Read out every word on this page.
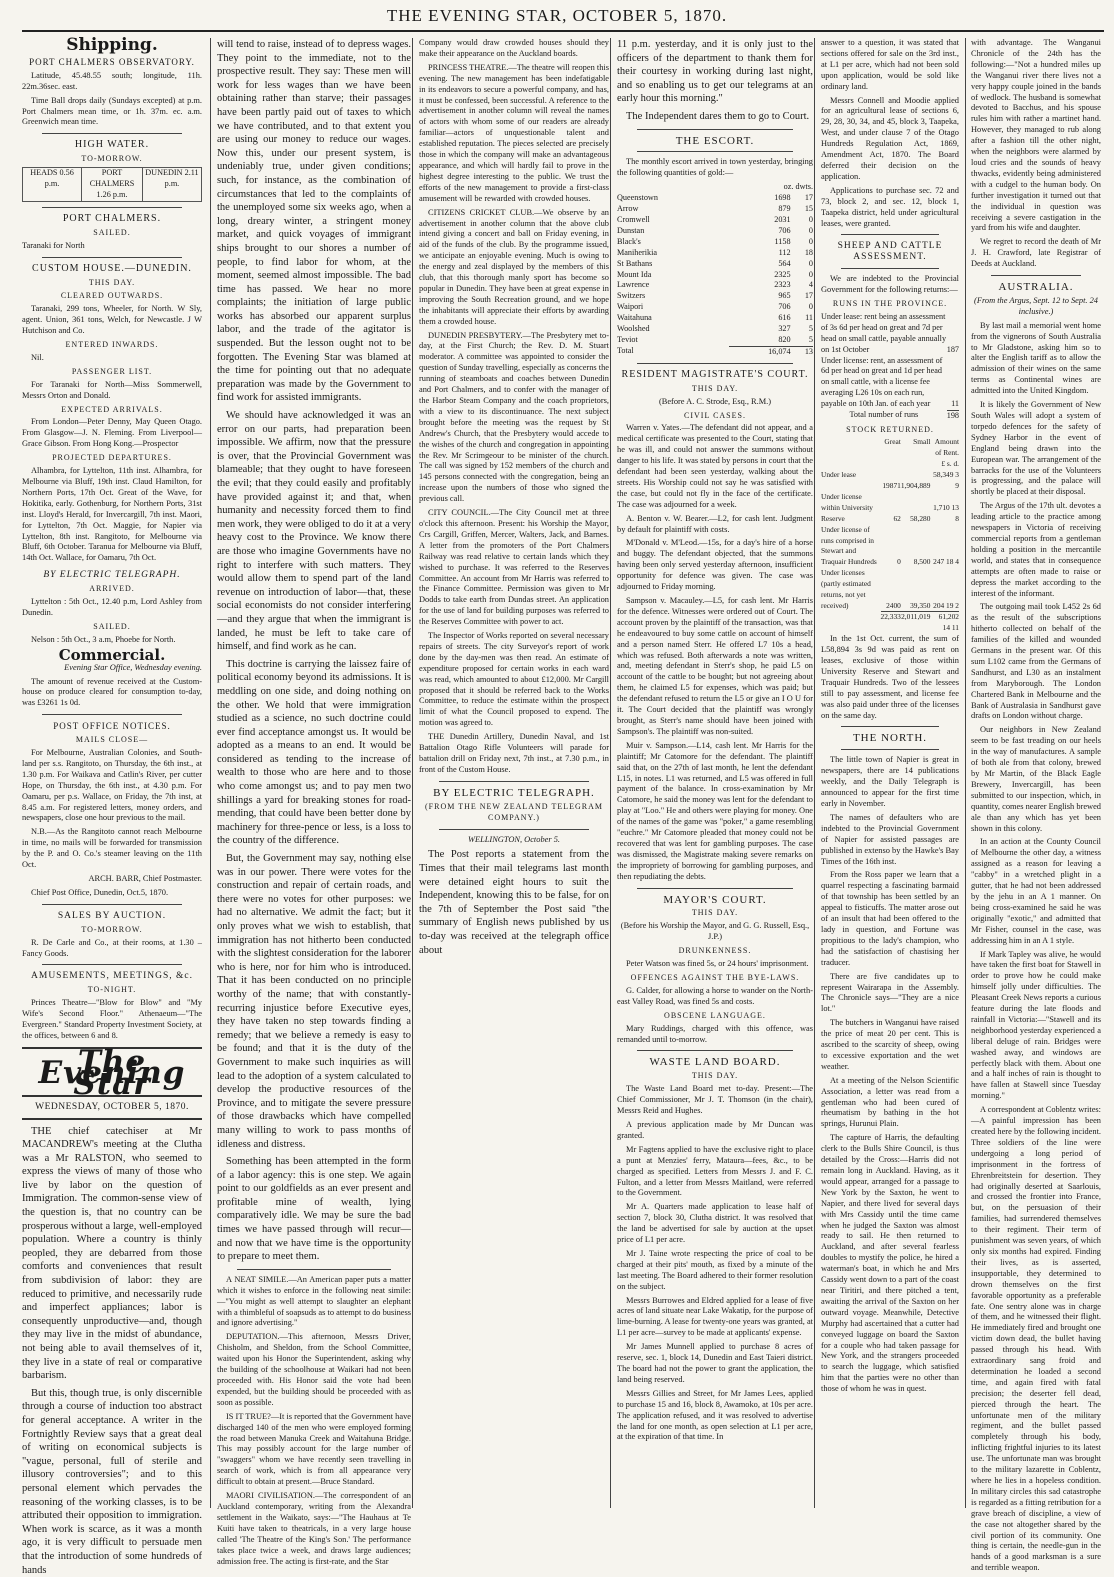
THE EVENING STAR, OCTOBER 5, 1870.
Shipping.
PORT CHALMERS OBSERVATORY.

Latitude, 45.48.55 south; longitude, 11h. 22m.36sec. east.

Time Ball drops daily (Sundays excepted) at p.m. Port Chalmers mean time, or 1h. 37m. ec. a.m. Greenwich mean time.

HIGH WATER.
TO-MORROW.
HEADS 0.56 p.m.	PORT CHALMERS 1.26 p.m.	DUNEDIN 2.11 p.m.
PORT CHALMERS.
SAILED.

Taranaki for North

CUSTOM HOUSE.—DUNEDIN.
THIS DAY.
CLEARED OUTWARDS.

Taranaki, 299 tons, Wheeler, for North. W Sly, agent. Union, 361 tons, Welch, for Newcastle. J W Hutchison and Co.

ENTERED INWARDS.

Nil.

PASSENGER LIST.

For Taranaki for North—Miss Sommerwell, Messrs Orton and Donald.

EXPECTED ARRIVALS.

From London—Peter Denny, May Queen Otago. From Glasgow—J. N. Fleming. From Liverpool—Grace Gibson. From Hong Kong.—Prospector

PROJECTED DEPARTURES.

Alhambra, for Lyttelton, 11th inst. Alhambra, for Melbourne via Bluff, 19th inst. Claud Hamilton, for Northern Ports, 17th Oct. Great of the Wave, for Hokitika, early. Gothenburg, for Northern Ports, 31st inst. Lloyd's Herald, for Invercargill, 7th inst. Maori, for Lyttelton, 7th Oct. Maggie, for Napier via Lyttelton, 8th inst. Rangitoto, for Melbourne via Bluff, 6th October. Taranua for Melbourne via Bluff, 14th Oct. Wallace, for Oamaru, 7th Oct.

BY ELECTRIC TELEGRAPH.
ARRIVED.

Lyttelton : 5th Oct., 12.40 p.m, Lord Ashley from Dunedin.

SAILED.

Nelson : 5th Oct., 3 a.m, Phoebe for North.

Commercial.

Evening Star Office, Wednesday evening.

The amount of revenue received at the Custom-house on produce cleared for consumption to-day, was £3261 1s 0d.

POST OFFICE NOTICES.
MAILS CLOSE—

For Melbourne, Australian Colonies, and South-land per s.s. Rangitoto, on Thursday, the 6th inst., at 1.30 p.m. For Waikava and Catlin's River, per cutter Hope, on Thursday, the 6th inst., at 4.30 p.m. For Oamaru, per p.s. Wallace, on Friday, the 7th inst, at 8.45 a.m. For registered letters, money orders, and newspapers, close one hour previous to the mail.

N.B.—As the Rangitoto cannot reach Melbourne in time, no mails will be forwarded for transmission by the P. and O. Co.'s steamer leaving on the 11th Oct.

ARCH. BARR, Chief Postmaster.

Chief Post Office, Dunedin, Oct.5, 1870.

SALES BY AUCTION.
TO-MORROW.

R. De Carle and Co., at their rooms, at 1.30 – Fancy Goods.

AMUSEMENTS, MEETINGS, &c.
TO-NIGHT.

Princes Theatre—"Blow for Blow" and "My Wife's Second Floor." Athenaeum—"The Evergreen." Standard Property Investment Society, at the offices, between 6 and 8.

The Evening Star
WEDNESDAY, OCTOBER 5, 1870.

THE chief catechiser at Mr MACANDREW's meeting at the Clutha was a Mr RALSTON, who seemed to express the views of many of those who live by labor on the question of Immigration. The common-sense view of the question is, that no country can be prosperous without a large, well-employed population. Where a country is thinly peopled, they are debarred from those comforts and conveniences that result from subdivision of labor: they are reduced to primitive, and necessarily rude and imperfect appliances; labor is consequently unproductive—and, though they may live in the midst of abundance, not being able to avail themselves of it, they live in a state of real or comparative barbarism.

But this, though true, is only discernible through a course of induction too abstract for general acceptance. A writer in the Fortnightly Review says that a great deal of writing on economical subjects is "vague, personal, full of sterile and illusory controversies"; and to this personal element which pervades the reasoning of the working classes, is to be attributed their opposition to immigration. When work is scarce, as it was a month ago, it is very difficult to persuade men that the introduction of some hundreds of hands

will tend to raise, instead of to depress wages. They point to the immediate, not to the prospective result. They say: These men will work for less wages than we have been obtaining rather than starve; their passages have been partly paid out of taxes to which we have contributed, and to that extent you are using our money to reduce our wages. Now this, under our present system, is undeniably true, under given conditions; such, for instance, as the combination of circumstances that led to the complaints of the unemployed some six weeks ago, when a long, dreary winter, a stringent money market, and quick voyages of immigrant ships brought to our shores a number of people, to find labor for whom, at the moment, seemed almost impossible. The bad time has passed. We hear no more complaints; the initiation of large public works has absorbed our apparent surplus labor, and the trade of the agitator is suspended. But the lesson ought not to be forgotten. The Evening Star was blamed at the time for pointing out that no adequate preparation was made by the Government to find work for assisted immigrants.

We should have acknowledged it was an error on our parts, had preparation been impossible. We affirm, now that the pressure is over, that the Provincial Government was blameable; that they ought to have foreseen the evil; that they could easily and profitably have provided against it; and that, when humanity and necessity forced them to find men work, they were obliged to do it at a very heavy cost to the Province. We know there are those who imagine Governments have no right to interfere with such matters. They would allow them to spend part of the land revenue on introduction of labor—that, these social economists do not consider interfering—and they argue that when the immigrant is landed, he must be left to take care of himself, and find work as he can.

This doctrine is carrying the laissez faire of political economy beyond its admissions. It is meddling on one side, and doing nothing on the other. We hold that were immigration studied as a science, no such doctrine could ever find acceptance amongst us. It would be adopted as a means to an end. It would be considered as tending to the increase of wealth to those who are here and to those who come amongst us; and to pay men two shillings a yard for breaking stones for road-mending, that could have been better done by machinery for three-pence or less, is a loss to the country of the difference.

But, the Government may say, nothing else was in our power. There were votes for the construction and repair of certain roads, and there were no votes for other purposes: we had no alternative. We admit the fact; but it only proves what we wish to establish, that immigration has not hitherto been conducted with the slightest consideration for the laborer who is here, nor for him who is introduced. That it has been conducted on no principle worthy of the name; that with constantly-recurring injustice before Executive eyes, they have taken no step towards finding a remedy; that we believe a remedy is easy to be found; and that it is the duty of the Government to make such inquiries as will lead to the adoption of a system calculated to develop the productive resources of the Province, and to mitigate the severe pressure of those drawbacks which have compelled many willing to work to pass months of idleness and distress.

Something has been attempted in the form of a labor agency: this is one step. We again point to our goldfields as an ever present and profitable mine of wealth, lying comparatively idle. We may be sure the bad times we have passed through will recur—and now that we have time is the opportunity to prepare to meet them.

A NEAT SIMILE.—An American paper puts a matter which it wishes to enforce in the following neat simile:—"You might as well attempt to slaughter an elephant with a thimbleful of soapsuds as to attempt to do business and ignore advertising."

DEPUTATION.—This afternoon, Messrs Driver, Chisholm, and Sheldon, from the School Committee, waited upon his Honor the Superintendent, asking why the building of the schoolhouse at Waikari had not been proceeded with. His Honor said the vote had been expended, but the building should be proceeded with as soon as possible.

IS IT TRUE?—It is reported that the Government have discharged 140 of the men who were employed forming the road between Manuka Creek and Waitahuna Bridge. This may possibly account for the large number of "swaggers" whom we have recently seen travelling in search of work, which is from all appearance very difficult to obtain at present.—Bruce Standard.

MAORI CIVILISATION.—The correspondent of an Auckland contemporary, writing from the Alexandra settlement in the Waikato, says:—"The Hauhaus at Te Kuiti have taken to theatricals, in a very large house called 'The Theatre of the King's Son.' The performance takes place twice a week, and draws large audiences; admission free. The acting is first-rate, and the Star

Company would draw crowded houses should they make their appearance on the Auckland boards.

PRINCESS THEATRE.—The theatre will reopen this evening. The new management has been indefatigable in its endeavors to secure a powerful company, and has, it must be confessed, been successful. A reference to the advertisement in another column will reveal the names of actors with whom some of our readers are already familiar—actors of unquestionable talent and established reputation. The pieces selected are precisely those in which the company will make an advantageous appearance, and which will hardly fail to prove in the highest degree interesting to the public. We trust the efforts of the new management to provide a first-class amusement will be rewarded with crowded houses.

CITIZENS CRICKET CLUB.—We observe by an advertisement in another column that the above club intend giving a concert and ball on Friday evening, in aid of the funds of the club. By the programme issued, we anticipate an enjoyable evening. Much is owing to the energy and zeal displayed by the members of this club, that this thorough manly sport has become so popular in Dunedin. They have been at great expense in improving the South Recreation ground, and we hope the inhabitants will appreciate their efforts by awarding them a crowded house.

DUNEDIN PRESBYTERY.—The Presbytery met to-day, at the First Church; the Rev. D. M. Stuart moderator. A committee was appointed to consider the question of Sunday travelling, especially as concerns the running of steamboats and coaches between Dunedin and Port Chalmers, and to confer with the manager of the Harbor Steam Company and the coach proprietors, with a view to its discontinuance. The next subject brought before the meeting was the request by St Andrew's Church, that the Presbytery would accede to the wishes of the church and congregation in appointing the Rev. Mr Scrimgeour to be minister of the church. The call was signed by 152 members of the church and 145 persons connected with the congregation, being an increase upon the numbers of those who signed the previous call.

CITY COUNCIL.—The City Council met at three o'clock this afternoon. Present: his Worship the Mayor, Crs Cargill, Griffen, Mercer, Walters, Jack, and Barnes. A letter from the promoters of the Port Chalmers Railway was read relative to certain lands which they wished to purchase. It was referred to the Reserves Committee. An account from Mr Harris was referred to the Finance Committee. Permission was given to Mr Dodds to take earth from Dundas street. An application for the use of land for building purposes was referred to the Reserves Committee with power to act.

The Inspector of Works reported on several necessary repairs of streets. The city Surveyor's report of work done by the day-men was then read. An estimate of expenditure proposed for certain works in each ward was read, which amounted to about £12,000. Mr Cargill proposed that it should be referred back to the Works Committee, to reduce the estimate within the prospect limit of what the Council proposed to expend. The motion was agreed to.

THE Dunedin Artillery, Dunedin Naval, and 1st Battalion Otago Rifle Volunteers will parade for battalion drill on Friday next, 7th inst., at 7.30 p.m., in front of the Custom House.

BY ELECTRIC TELEGRAPH.
(FROM THE NEW ZEALAND TELEGRAM COMPANY.)

WELLINGTON, October 5.

The Post reports a statement from the Times that their mail telegrams last month were detained eight hours to suit the Independent, knowing this to be false, for on the 7th of September the Post said "the summary of English news published by us to-day was received at the telegraph office about

11 p.m. yesterday, and it is only just to the officers of the department to thank them for their courtesy in working during last night, and so enabling us to get our telegrams at an early hour this morning."

The Independent dares them to go to Court.

THE ESCORT.

The monthly escort arrived in town yesterday, bringing the following quantities of gold:—

	oz. dwts.	
Queenstown	1698	17
Arrow	879	15
Cromwell	2031	0
Dunstan	706	0
Black's	1158	0
Maniherikia	112	18
St Bathans	564	0
Mount Ida	2325	0
Lawrence	2323	4
Switzers	965	17
Waipori	706	0
Waitahuna	616	11
Woolshed	327	5
Teviot	820	5
Total	16,074	13
RESIDENT MAGISTRATE'S COURT.
THIS DAY.

(Before A. C. Strode, Esq., R.M.)

CIVIL CASES.

Warren v. Yates.—The defendant did not appear, and a medical certificate was presented to the Court, stating that he was ill, and could not answer the summons without danger to his life. It was stated by persons in court that the defendant had been seen yesterday, walking about the streets. His Worship could not say he was satisfied with the case, but could not fly in the face of the certificate. The case was adjourned for a week.

A. Benton v. W. Bearer.—L2, for cash lent. Judgment by default for plaintiff with costs.

M'Donald v. M'Leod.—15s, for a day's hire of a horse and buggy. The defendant objected, that the summons having been only served yesterday afternoon, insufficient opportunity for defence was given. The case was adjourned to Friday morning.

Sampson v. Macauley.—L5, for cash lent. Mr Harris for the defence. Witnesses were ordered out of Court. The account proven by the plaintiff of the transaction, was that he endeavoured to buy some cattle on account of himself and a person named Sterr. He offered L7 10s a head, which was refused. Both afterwards a note was written, and, meeting defendant in Sterr's shop, he paid L5 on account of the cattle to be bought; but not agreeing about them, he claimed L5 for expenses, which was paid; but the defendant refused to return the L5 or give an I O U for it. The Court decided that the plaintiff was wrongly brought, as Sterr's name should have been joined with Sampson's. The plaintiff was non-suited.

Muir v. Sampson.—L14, cash lent. Mr Harris for the plaintiff; Mr Catomore for the defendant. The plaintiff said that, on the 27th of last month, he lent the defendant L15, in notes. L1 was returned, and L5 was offered in full payment of the balance. In cross-examination by Mr Catomore, he said the money was lent for the defendant to play at "Loo." He and others were playing for money. One of the names of the game was "poker," a game resembling "euchre." Mr Catomore pleaded that money could not be recovered that was lent for gambling purposes. The case was dismissed, the Magistrate making severe remarks on the impropriety of borrowing for gambling purposes, and then repudiating the debts.

MAYOR'S COURT.
THIS DAY.

(Before his Worship the Mayor, and G. G. Russell, Esq., J.P.)

DRUNKENNESS.

Peter Watson was fined 5s, or 24 hours' imprisonment.

OFFENCES AGAINST THE BYE-LAWS.

G. Calder, for allowing a horse to wander on the North-east Valley Road, was fined 5s and costs.

OBSCENE LANGUAGE.

Mary Ruddings, charged with this offence, was remanded until to-morrow.

WASTE LAND BOARD.
THIS DAY.

The Waste Land Board met to-day. Present:—The Chief Commissioner, Mr J. T. Thomson (in the chair), Messrs Reid and Hughes.

A previous application made by Mr Duncan was granted.

Mr Fagtens applied to have the exclusive right to place a punt at Menzies' ferry, Mataura—fees, &c., to be charged as specified. Letters from Messrs J. and F. C. Fulton, and a letter from Messrs Maitland, were referred to the Government.

Mr A. Quarters made application to lease half of section 7, block 30, Clutha district. It was resolved that the land be advertised for sale by auction at the upset price of L1 per acre.

Mr J. Taine wrote respecting the price of coal to be charged at their pits' mouth, as fixed by a minute of the last meeting. The Board adhered to their former resolution on the subject.

Messrs Burrowes and Eldred applied for a lease of five acres of land situate near Lake Wakatip, for the purpose of lime-burning. A lease for twenty-one years was granted, at L1 per acre—survey to be made at applicants' expense.

Mr James Munnell applied to purchase 8 acres of reserve, sec. 1, block 14, Dunedin and East Taieri district. The board had not the power to grant the application, the land being reserved.

Messrs Gillies and Street, for Mr James Lees, applied to purchase 15 and 16, block 8, Awamoko, at 10s per acre. The application refused, and it was resolved to advertise the land for one month, as open selection at L1 per acre, at the expiration of that time. In

answer to a question, it was stated that sections offered for sale on the 3rd inst., at L1 per acre, which had not been sold upon application, would be sold like ordinary land.

Messrs Connell and Moodie applied for an agricultural lease of sections 6, 29, 28, 30, 34, and 45, block 3, Taapeka, West, and under clause 7 of the Otago Hundreds Regulation Act, 1869, Amendment Act, 1870. The Board deferred their decision on the application.

Applications to purchase sec. 72 and 73, block 2, and sec. 12, block 1, Taapeka district, held under agricultural leases, were granted.

SHEEP AND CATTLE ASSESSMENT.

We are indebted to the Provincial Government for the following returns:—

RUNS IN THE PROVINCE.
Under lease: rent being an assessment of 3s 6d per head on great and 7d per head on small cattle, payable annually on 1st October	187
Under license: rent, an assessment of 6d per head on great and 1d per head on small cattle, with a license fee averaging L26 10s on each run, payable on 10th Jan. of each year	11
Total number of runs	198
STOCK RETURNED.
	Great	Small	Amount of Rent.
			£ s. d.
Under lease	19871	1,904,889	58,349 3 9
Under license within University Reserve	62	58,280	1,710 13 8
Under license of runs comprised in Stewart and Traquair Hundreds	0	8,500	247 18 4
Under licenses (partly estimated returns, not yet received)	2400	39,350	204 19 2
	22,333	2,011,019	61,202 14 11

In the 1st Oct. current, the sum of L58,894 3s 9d was paid as rent on leases, exclusive of those within University Reserve and Stewart and Traquair Hundreds. Two of the lessees still to pay assessment, and license fee was also paid under three of the licenses on the same day.

THE NORTH.

The little town of Napier is great in newspapers, there are 14 publications weekly, and the Daily Telegraph is announced to appear for the first time early in November.

The names of defaulters who are indebted to the Provincial Government of Napier for assisted passages are published in extenso by the Hawke's Bay Times of the 16th inst.

From the Ross paper we learn that a quarrel respecting a fascinating barmaid of that township has been settled by an appeal to fisticuffs. The matter arose out of an insult that had been offered to the lady in question, and Fortune was propitious to the lady's champion, who had the satisfaction of chastising her traducer.

There are five candidates up to represent Wairarapa in the Assembly. The Chronicle says—"They are a nice lot."

The butchers in Wanganui have raised the price of meat 20 per cent. This is ascribed to the scarcity of sheep, owing to excessive exportation and the wet weather.

At a meeting of the Nelson Scientific Association, a letter was read from a gentleman who had been cured of rheumatism by bathing in the hot springs, Hurunui Plain.

The capture of Harris, the defaulting clerk to the Bulls Shire Council, is thus detailed by the Cross:—Harris did not remain long in Auckland. Having, as it would appear, arranged for a passage to New York by the Saxton, he went to Napier, and there lived for several days with Mrs Cassidy until the time came when he judged the Saxton was almost ready to sail. He then returned to Auckland, and after several fearless doubles to mystify the police, he hired a waterman's boat, in which he and Mrs Cassidy went down to a part of the coast near Tiritiri, and there pitched a tent, awaiting the arrival of the Saxton on her outward voyage. Meanwhile, Detective Murphy had ascertained that a cutter had conveyed luggage on board the Saxton for a couple who had taken passage for New York, and the strangers proceeded to search the luggage, which satisfied him that the parties were no other than those of whom he was in quest.

with advantage. The Wanganui Chronicle of the 24th has the following:—"Not a hundred miles up the Wanganui river there lives not a very happy couple joined in the bands of wedlock. The husband is somewhat devoted to Bacchus, and his spouse rules him with rather a martinet hand. However, they managed to rub along after a fashion till the other night, when the neighbors were alarmed by loud cries and the sounds of heavy thwacks, evidently being administered with a cudgel to the human body. On further investigation it turned out that the individual in question was receiving a severe castigation in the yard from his wife and daughter.

We regret to record the death of Mr J. H. Crawford, late Registrar of Deeds at Auckland.

AUSTRALIA.

(From the Argus, Sept. 12 to Sept. 24 inclusive.)

By last mail a memorial went home from the vignerons of South Australia to Mr Gladstone, asking him so to alter the English tariff as to allow the admission of their wines on the same terms as Continental wines are admitted into the United Kingdom.

It is likely the Government of New South Wales will adopt a system of torpedo defences for the safety of Sydney Harbor in the event of England being drawn into the European war. The arrangement of the barracks for the use of the Volunteers is progressing, and the palace will shortly be placed at their disposal.

The Argus of the 17th ult. devotes a leading article to the practice among newspapers in Victoria of receiving commercial reports from a gentleman holding a position in the mercantile world, and states that in consequence attempts are often made to raise or depress the market according to the interest of the informant.

The outgoing mail took L452 2s 6d as the result of the subscriptions hitherto collected on behalf of the families of the killed and wounded Germans in the present war. Of this sum L102 came from the Germans of Sandhurst, and L30 as an instalment from Maryborough. The London Chartered Bank in Melbourne and the Bank of Australasia in Sandhurst gave drafts on London without charge.

Our neighbors in New Zealand seem to be fast treading on our heels in the way of manufactures. A sample of both ale from that colony, brewed by Mr Martin, of the Black Eagle Brewery, Invercargill, has been submitted to our inspection, which, in quantity, comes nearer English brewed ale than any which has yet been shown in this colony.

In an action at the County Council of Melbourne the other day, a witness assigned as a reason for leaving a "cabby" in a wretched plight in a gutter, that he had not been addressed by the jehu in an A 1 manner. On being cross-examined he said he was originally "exotic," and admitted that Mr Fisher, counsel in the case, was addressing him in an A 1 style.

If Mark Tapley was alive, he would have taken the first boat for Stawell in order to prove how he could make himself jolly under difficulties. The Pleasant Creek News reports a curious feature during the late floods and rainfall in Victoria:—"Stawell and its neighborhood yesterday experienced a liberal deluge of rain. Bridges were washed away, and windows are perfectly black with them. About one and a half inches of rain is thought to have fallen at Stawell since Tuesday morning."

A correspondent at Coblentz writes:—A painful impression has been created here by the following incident. Three soldiers of the line were undergoing a long period of imprisonment in the fortress of Ehrenbreitstein for desertion. They had originally deserted at Saarlouis, and crossed the frontier into France, but, on the persuasion of their families, had surrendered themselves to their regiment. Their term of punishment was seven years, of which only six months had expired. Finding their lives, as is asserted, insupportable, they determined to drown themselves on the first favorable opportunity as a preferable fate. One sentry alone was in charge of them, and he witnessed their flight. He immediately fired and brought one victim down dead, the bullet having passed through his head. With extraordinary sang froid and determination he loaded a second time, and again fired with fatal precision; the deserter fell dead, pierced through the heart. The unfortunate men of the military regiment, and the bullet passed completely through his body, inflicting frightful injuries to its latest use. The unfortunate man was brought to the military lazarette in Coblentz, where he lies in a hopeless condition. In military circles this sad catastrophe is regarded as a fitting retribution for a grave breach of discipline, a view of the case not altogether shared by the civil portion of its community. One thing is certain, the needle-gun in the hands of a good marksman is a sure and terrible weapon.
